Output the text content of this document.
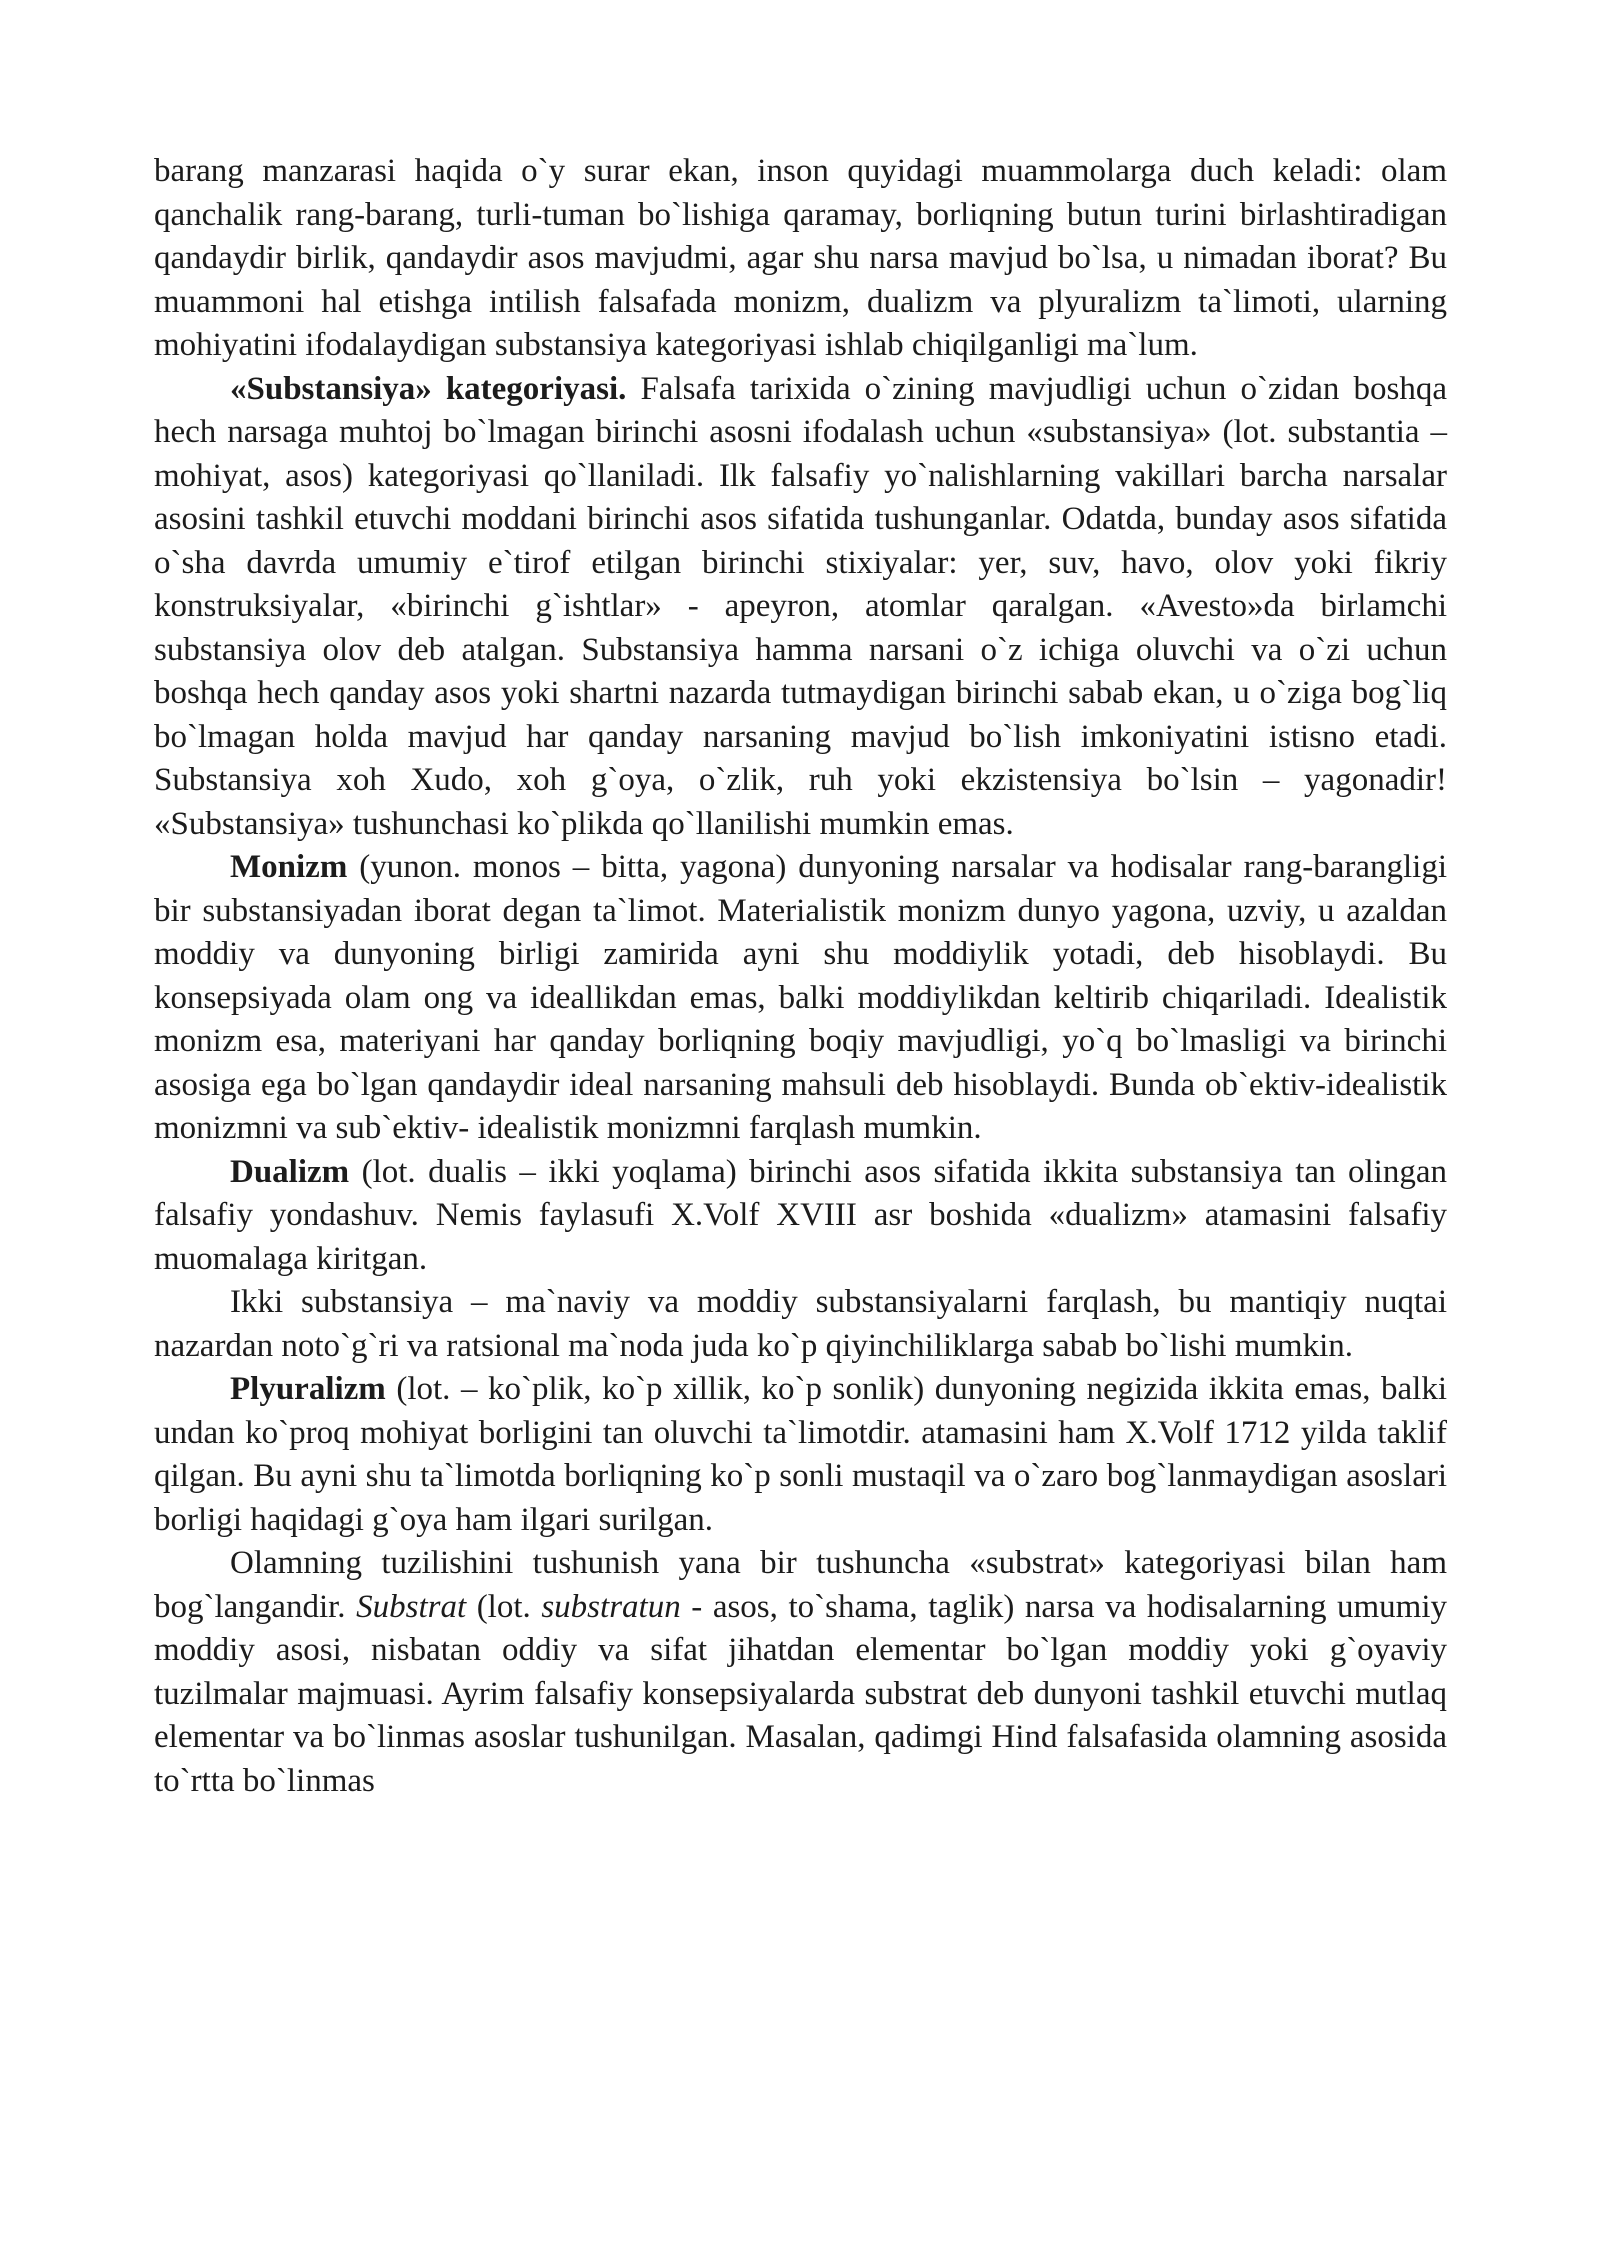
barang manzarasi haqida o`y surar ekan, inson quyidagi muammolarga duch keladi: olam qanchalik rang-barang, turli-tuman bo`lishiga qaramay, borliqning butun turini birlashtiradigan qandaydir birlik, qandaydir asos mavjudmi, agar shu narsa mavjud bo`lsa, u nimadan iborat? Bu muammoni hal etishga intilish falsafada monizm, dualizm va plyuralizm ta`limoti, ularning mohiyatini ifodalaydigan substansiya kategoriyasi ishlab chiqilganligi ma`lum.

«Substansiya» kategoriyasi. Falsafa tarixida o`zining mavjudligi uchun o`zidan boshqa hech narsaga muhtoj bo`lmagan birinchi asosni ifodalash uchun «substansiya» (lot. substantia – mohiyat, asos) kategoriyasi qo`llaniladi. Ilk falsafiy yo`nalishlarning vakillari barcha narsalar asosini tashkil etuvchi moddani birinchi asos sifatida tushunganlar. Odatda, bunday asos sifatida o`sha davrda umumiy e`tirof etilgan birinchi stixiyalar: yer, suv, havo, olov yoki fikriy konstruksiyalar, «birinchi g`ishtlar» - apeyron, atomlar qaralgan. «Avesto»da birlamchi substansiya olov deb atalgan. Substansiya hamma narsani o`z ichiga oluvchi va o`zi uchun boshqa hech qanday asos yoki shartni nazarda tutmaydigan birinchi sabab ekan, u o`ziga bog`liq bo`lmagan holda mavjud har qanday narsaning mavjud bo`lish imkoniyatini istisno etadi. Substansiya xoh Xudo, xoh g`oya, o`zlik, ruh yoki ekzistensiya bo`lsin – yagonadir! «Substansiya» tushunchasi ko`plikda qo`llanilishi mumkin emas.

Monizm (yunon. monos – bitta, yagona) dunyoning narsalar va hodisalar rang-barangligi bir substansiyadan iborat degan ta`limot. Materialistik monizm dunyo yagona, uzviy, u azaldan moddiy va dunyoning birligi zamirida ayni shu moddiylik yotadi, deb hisoblaydi. Bu konsepsiyada olam ong va ideallikdan emas, balki moddiylikdan keltirib chiqariladi. Idealistik monizm esa, materiyani har qanday borliqning boqiy mavjudligi, yo`q bo`lmasligi va birinchi asosiga ega bo`lgan qandaydir ideal narsaning mahsuli deb hisoblaydi. Bunda ob`ektiv-idealistik monizmni va sub`ektiv- idealistik monizmni farqlash mumkin.

Dualizm (lot. dualis – ikki yoqlama) birinchi asos sifatida ikkita substansiya tan olingan falsafiy yondashuv. Nemis faylasufi X.Volf XVIII asr boshida «dualizm» atamasini falsafiy muomalaga kiritgan.

Ikki substansiya – ma`naviy va moddiy substansiyalarni farqlash, bu mantiqiy nuqtai nazardan noto`g`ri va ratsional ma`noda juda ko`p qiyinchiliklarga sabab bo`lishi mumkin.

Plyuralizm (lot. – ko`plik, ko`p xillik, ko`p sonlik) dunyoning negizida ikkita emas, balki undan ko`proq mohiyat borligini tan oluvchi ta`limotdir. atamasini ham X.Volf 1712 yilda taklif qilgan. Bu ayni shu ta`limotda borliqning ko`p sonli mustaqil va o`zaro bog`lanmaydigan asoslari borligi haqidagi g`oya ham ilgari surilgan.

Olamning tuzilishini tushunish yana bir tushuncha «substrat» kategoriyasi bilan ham bog`langandir. Substrat (lot. substratun - asos, to`shama, taglik) narsa va hodisalarning umumiy moddiy asosi, nisbatan oddiy va sifat jihatdan elementar bo`lgan moddiy yoki g`oyaviy tuzilmalar majmuasi. Ayrim falsafiy konsepsiyalarda substrat deb dunyoni tashkil etuvchi mutlaq elementar va bo`linmas asoslar tushunilgan. Masalan, qadimgi Hind falsafasida olamning asosida to`rtta bo`linmas
